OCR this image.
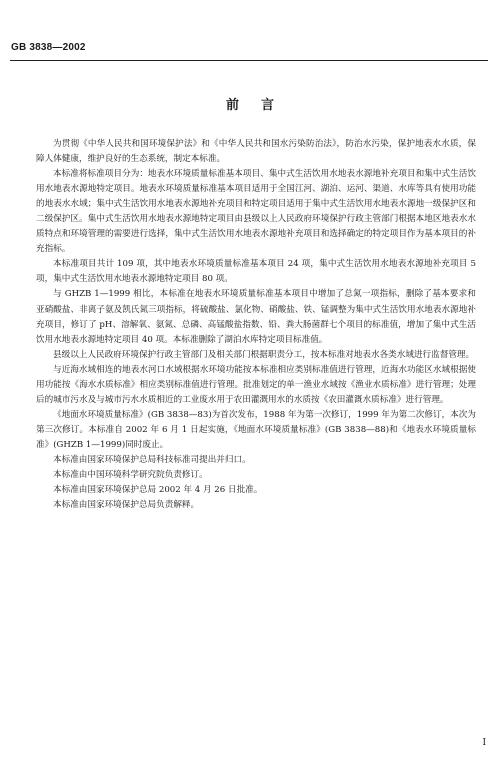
GB 3838—2002
前言

为贯彻《中华人民共和国环境保护法》和《中华人民共和国水污染防治法》，防治水污染，保护地表水水质，保障人体健康，维护良好的生态系统，制定本标准。

本标准将标准项目分为：地表水环境质量标准基本项目、集中式生活饮用水地表水源地补充项目和集中式生活饮用水地表水源地特定项目。地表水环境质量标准基本项目适用于全国江河、湖泊、运河、渠道、水库等具有使用功能的地表水水域；集中式生活饮用水地表水源地补充项目和特定项目适用于集中式生活饮用水地表水源地一级保护区和二级保护区。集中式生活饮用水地表水源地特定项目由县级以上人民政府环境保护行政主管部门根据本地区地表水水质特点和环境管理的需要进行选择，集中式生活饮用水地表水源地补充项目和选择确定的特定项目作为基本项目的补充指标。

本标准项目共计 109 项，其中地表水环境质量标准基本项目 24 项，集中式生活饮用水地表水源地补充项目 5 项，集中式生活饮用水地表水源地特定项目 80 项。

与 GHZB 1—1999 相比，本标准在地表水环境质量标准基本项目中增加了总氮一项指标，删除了基本要求和亚硝酸盐、非离子氨及凯氏氮三项指标，将硫酸盐、氯化物、硝酸盐、铁、锰调整为集中式生活饮用水地表水源地补充项目，修订了 pH、溶解氧、氨氮、总磷、高锰酸盐指数、铅、粪大肠菌群七个项目的标准值，增加了集中式生活饮用水地表水源地特定项目 40 项。本标准删除了湖泊水库特定项目标准值。

县级以上人民政府环境保护行政主管部门及相关部门根据职责分工，按本标准对地表水各类水域进行监督管理。

与近海水域相连的地表水河口水域根据水环境功能按本标准相应类别标准值进行管理，近海水功能区水域根据使用功能按《海水水质标准》相应类别标准值进行管理。批准划定的单一渔业水域按《渔业水质标准》进行管理；处理后的城市污水及与城市污水水质相近的工业废水用于农田灌溉用水的水质按《农田灌溉水质标准》进行管理。

《地面水环境质量标准》(GB 3838—83)为首次发布，1988 年为第一次修订，1999 年为第二次修订，本次为第三次修订。本标准自 2002 年 6 月 1 日起实施，《地面水环境质量标准》(GB 3838—88)和《地表水环境质量标准》(GHZB 1—1999)同时废止。

本标准由国家环境保护总局科技标准司提出并归口。

本标准由中国环境科学研究院负责修订。

本标准由国家环境保护总局 2002 年 4 月 26 日批准。

本标准由国家环境保护总局负责解释。

I
